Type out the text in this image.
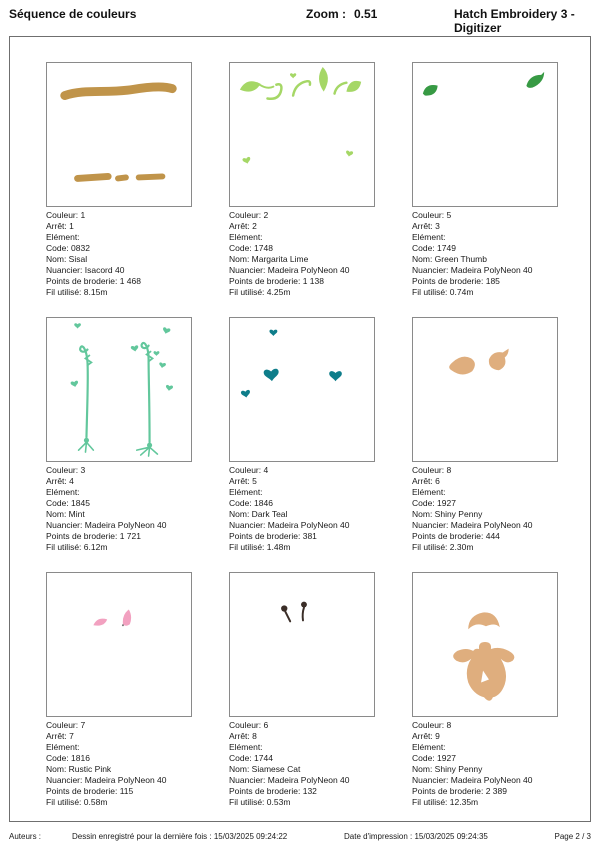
Séquence de couleurs	Zoom : 0.51	Hatch Embroidery 3 - Digitizer
Couleur: 1
Arrêt: 1
Elément:
Code: 0832
Nom: Sisal
Nuancier: Isacord 40
Points de broderie: 1 468
Fil utilisé: 8.15m
Couleur: 2
Arrêt: 2
Elément:
Code: 1748
Nom: Margarita Lime
Nuancier: Madeira PolyNeon 40
Points de broderie: 1 138
Fil utilisé: 4.25m
Couleur: 5
Arrêt: 3
Elément:
Code: 1749
Nom: Green Thumb
Nuancier: Madeira PolyNeon 40
Points de broderie: 185
Fil utilisé: 0.74m
Couleur: 3
Arrêt: 4
Elément:
Code: 1845
Nom: Mint
Nuancier: Madeira PolyNeon 40
Points de broderie: 1 721
Fil utilisé: 6.12m
Couleur: 4
Arrêt: 5
Elément:
Code: 1846
Nom: Dark Teal
Nuancier: Madeira PolyNeon 40
Points de broderie: 381
Fil utilisé: 1.48m
Couleur: 8
Arrêt: 6
Elément:
Code: 1927
Nom: Shiny Penny
Nuancier: Madeira PolyNeon 40
Points de broderie: 444
Fil utilisé: 2.30m
Couleur: 7
Arrêt: 7
Elément:
Code: 1816
Nom: Rustic Pink
Nuancier: Madeira PolyNeon 40
Points de broderie: 115
Fil utilisé: 0.58m
Couleur: 6
Arrêt: 8
Elément:
Code: 1744
Nom: Siamese Cat
Nuancier: Madeira PolyNeon 40
Points de broderie: 132
Fil utilisé: 0.53m
Couleur: 8
Arrêt: 9
Elément:
Code: 1927
Nom: Shiny Penny
Nuancier: Madeira PolyNeon 40
Points de broderie: 2 389
Fil utilisé: 12.35m
Auteurs :	Dessin enregistré pour la dernière fois : 15/03/2025 09:24:22	Date d'impression : 15/03/2025 09:24:35	Page 2 / 3
